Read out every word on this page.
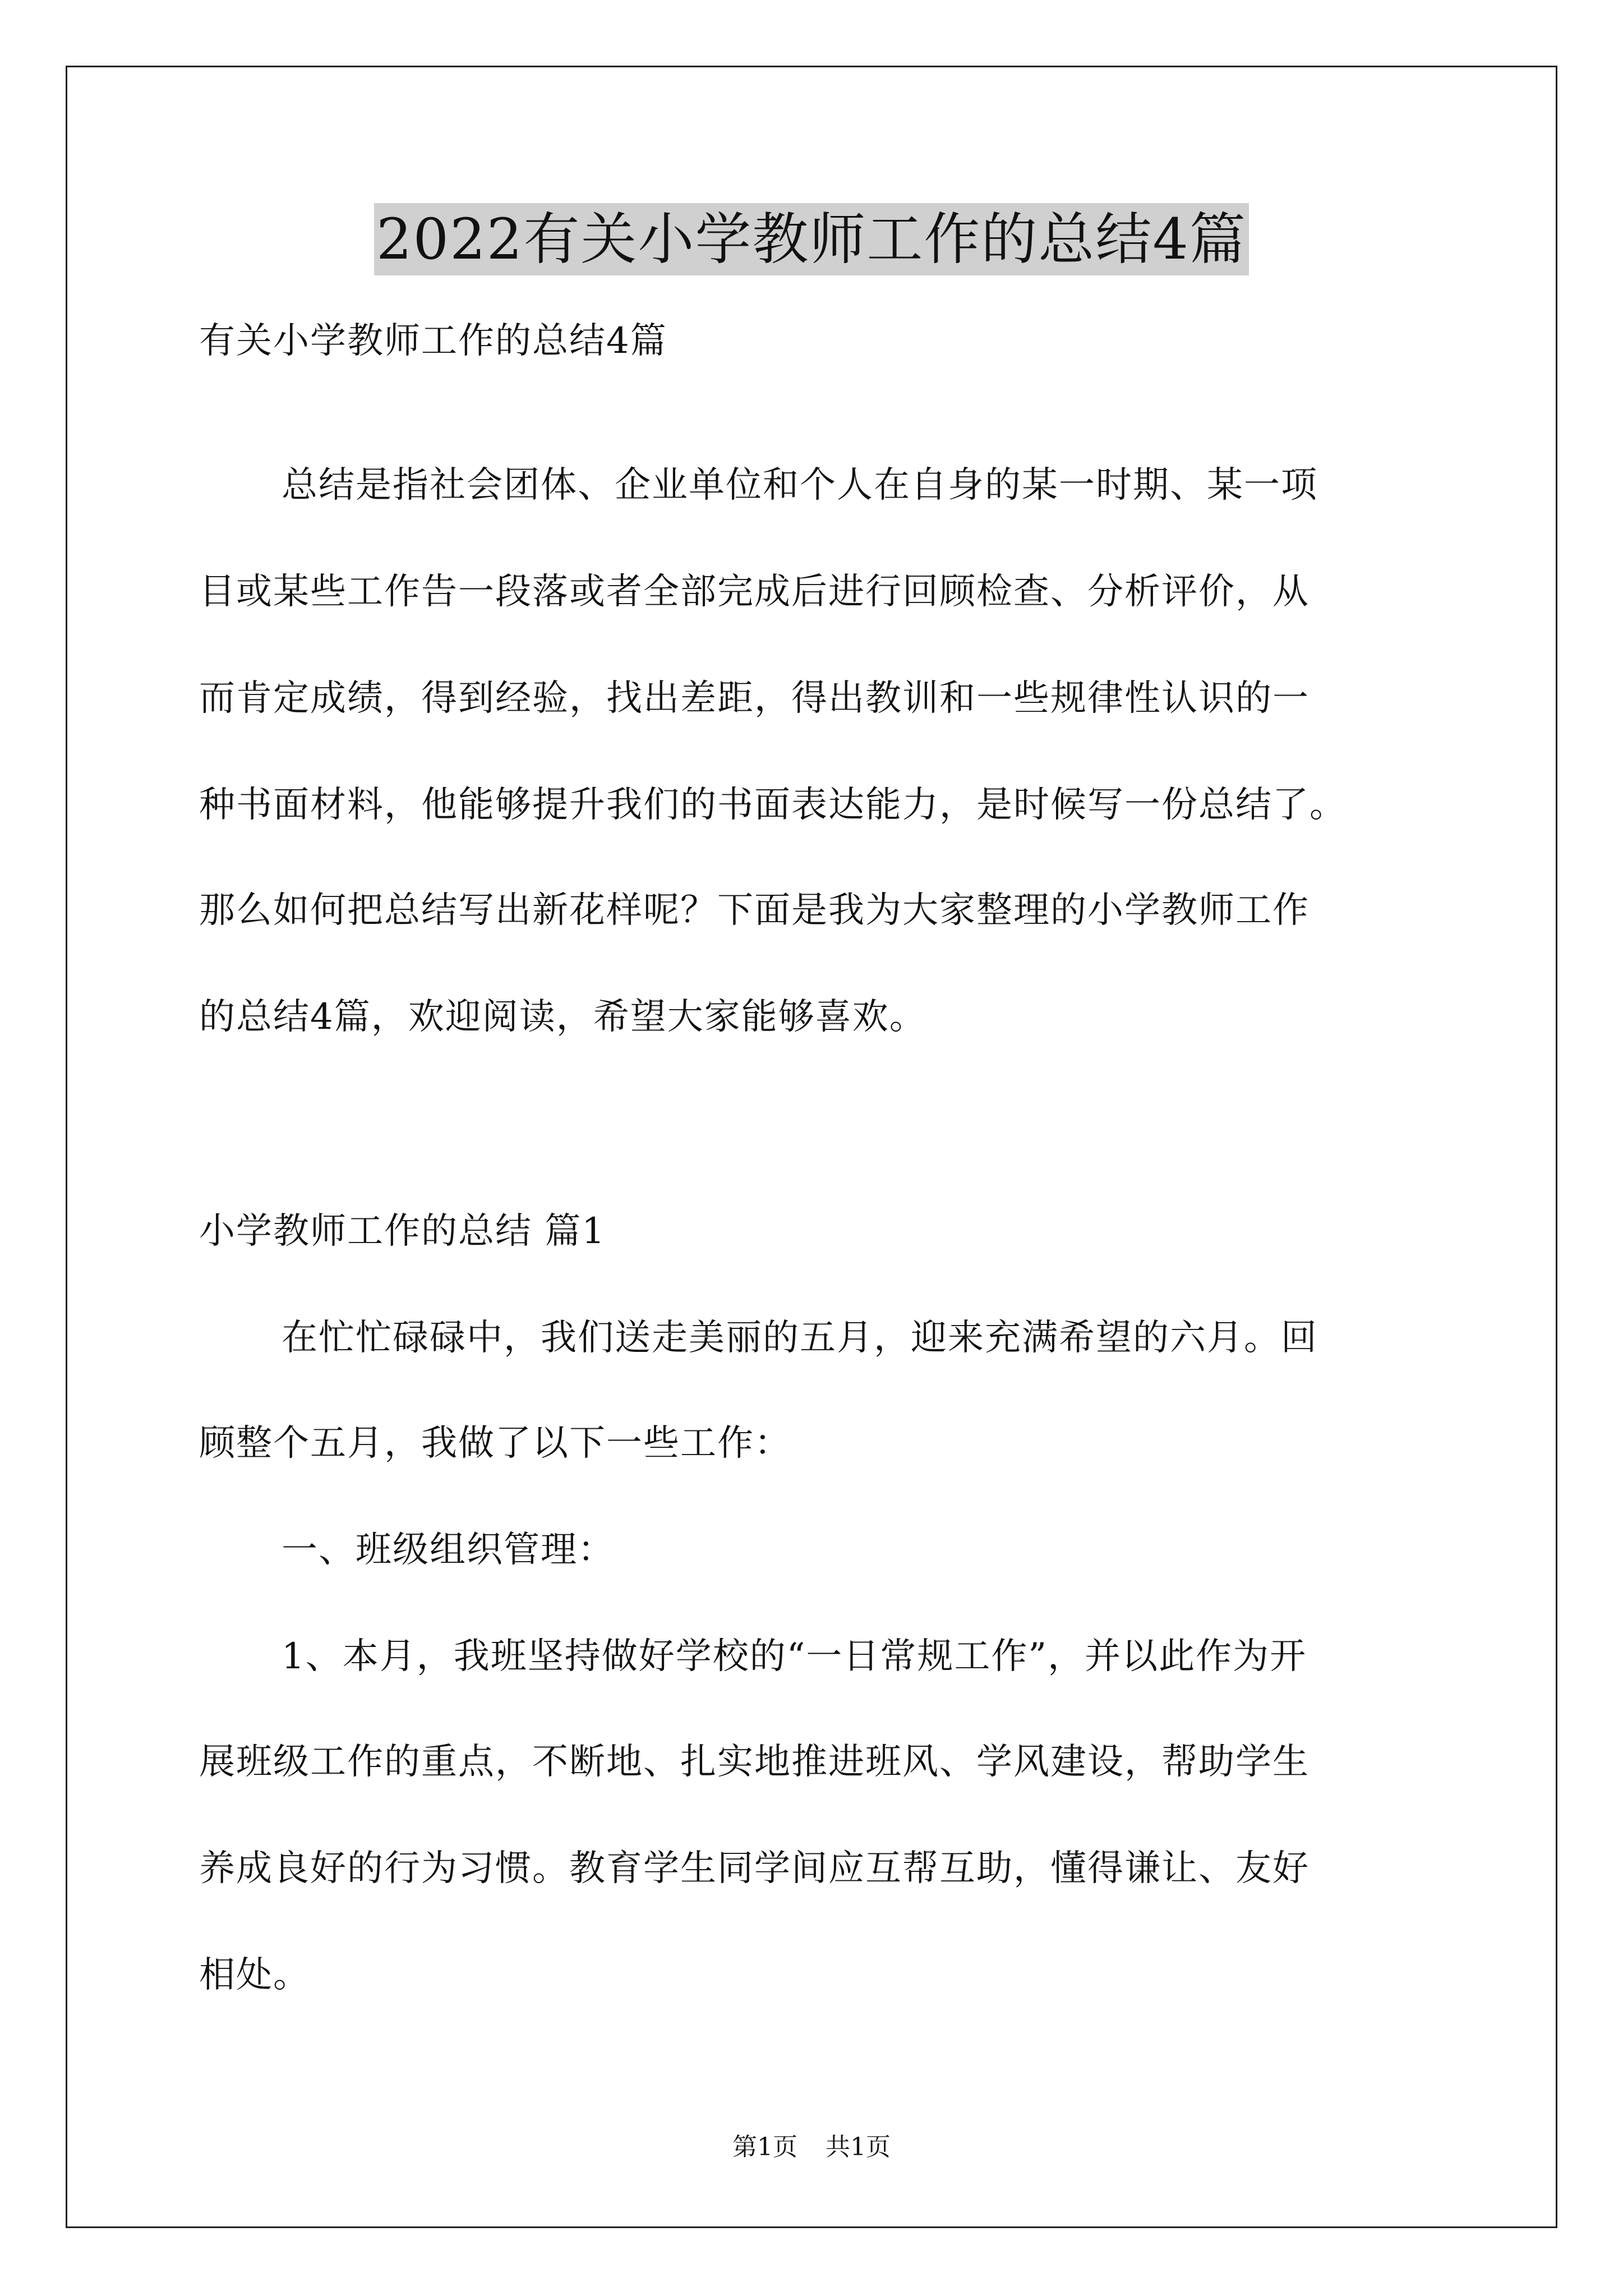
2022有关小学教师工作的总结4篇
有关小学教师工作的总结4篇
总结是指社会团体、企业单位和个人在自身的某一时期、某一项
目或某些工作告一段落或者全部完成后进行回顾检查、分析评价，从
而肯定成绩，得到经验，找出差距，得出教训和一些规律性认识的一
种书面材料，他能够提升我们的书面表达能力，是时候写一份总结了。
那么如何把总结写出新花样呢？下面是我为大家整理的小学教师工作
的总结4篇，欢迎阅读，希望大家能够喜欢。
小学教师工作的总结 篇1
在忙忙碌碌中，我们送走美丽的五月，迎来充满希望的六月。回
顾整个五月，我做了以下一些工作：
一、班级组织管理：
1、本月，我班坚持做好学校的“一日常规工作”，并以此作为开
展班级工作的重点，不断地、扎实地推进班风、学风建设，帮助学生
养成良好的行为习惯。教育学生同学间应互帮互助，懂得谦让、友好
相处。
第1页 共1页
